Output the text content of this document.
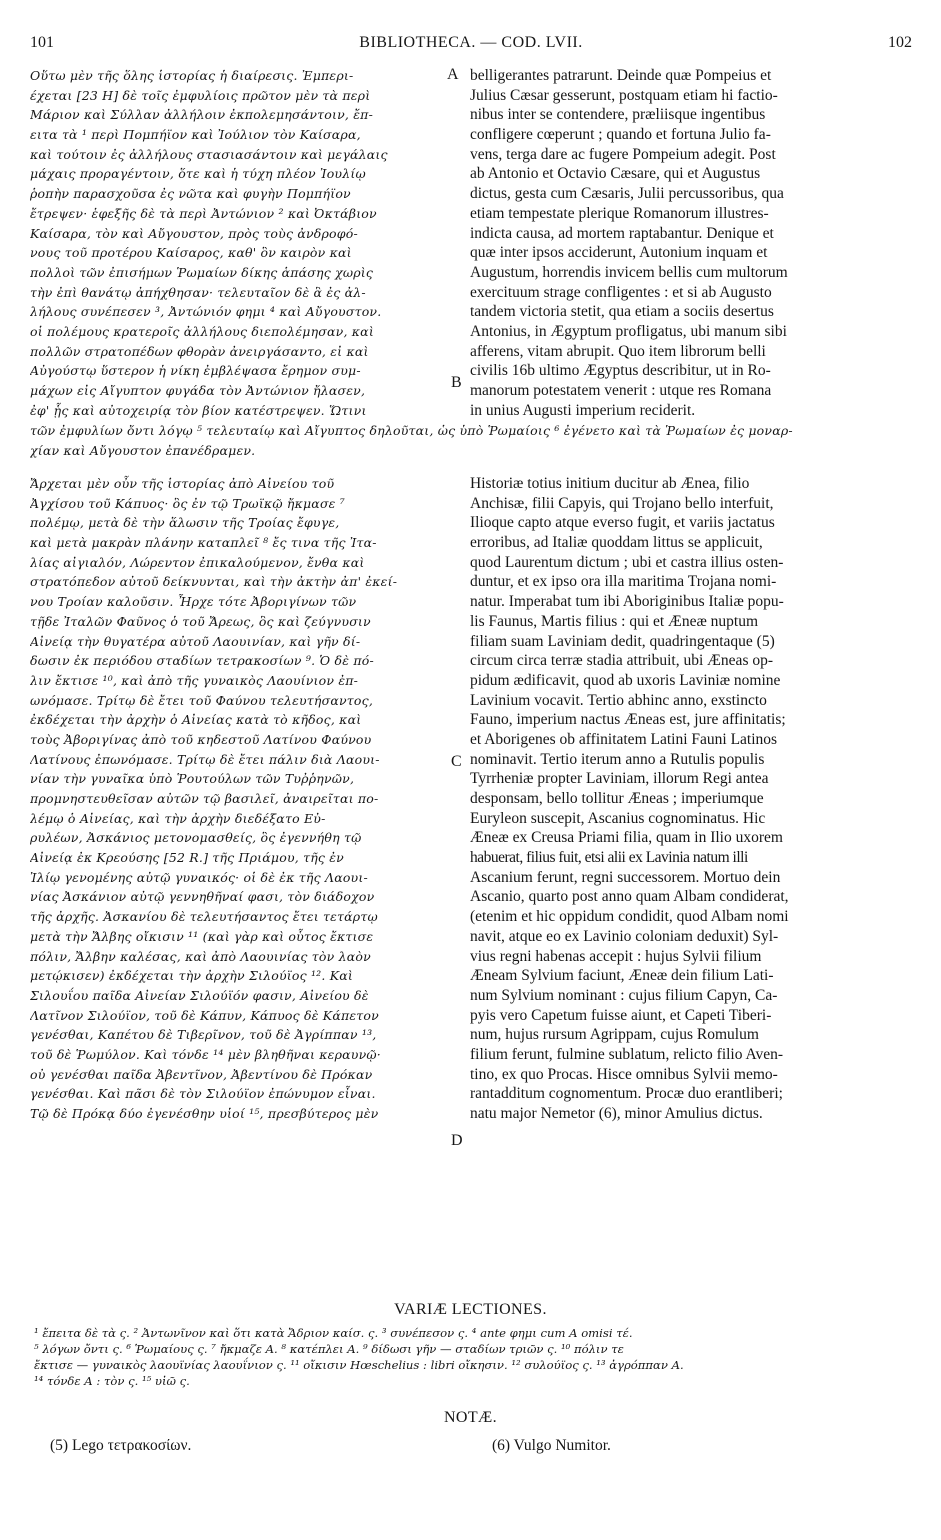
101	BIBLIOTHECA. — COD. LVII.	102
Οὕτω μὲν τῆς ὅλης ἱστορίας ἡ διαίρεσις. Ἐμπερι-
έχεται [23 H] δὲ τοῖς ἐμφυλίοις πρῶτον μὲν τὰ περὶ
Μάριον καὶ Σύλλαν ἀλλήλοιν ἐκπολεμησάντοιν, ἔπ-
ειτα τὰ ¹ περὶ Πομπήϊον καὶ Ἰούλιον τὸν Καίσαρα,
καὶ τούτοιν ἐς ἀλλήλους στασιασάντοιν καὶ μεγάλαις
μάχαις προραγέντοιν, ὅτε καὶ ἡ τύχη πλέον Ἰουλίῳ
ῥοπὴν παρασχοῦσα ἐς νῶτα καὶ φυγὴν Πομπήϊον
ἔτρεψεν· ἑφεξῆς δὲ τὰ περὶ Ἀντώνιον ² καὶ Ὀκτάβιον
Καίσαρα, τὸν καὶ Αὔγουστον, πρὸς τοὺς ἀνδροφό-
νους τοῦ προτέρου Καίσαρος, καθ' ὃν καιρὸν καὶ
πολλοὶ τῶν ἐπισήμων Ῥωμαίων δίκης ἁπάσης χωρὶς
τὴν ἐπὶ θανάτῳ ἀπήχθησαν· τελευταῖον δὲ ἃ ἐς ἀλ-
λήλους συνέπεσεν ³, Ἀντώνιόν φημι ⁴ καὶ Αὔγουστον.
οἱ πολέμους κρατεροῖς ἀλλήλους διεπολέμησαν, καὶ
πολλῶν στρατοπέδων φθορὰν ἀνειργάσαντο, εἰ καὶ
Αὐγούστῳ ὕστερον ἡ νίκη ἐμβλέψασα ἔρημον συμ-
μάχων εἰς Αἴγυπτον φυγάδα τὸν Ἀντώνιον ἤλασεν,
ἐφ' ᾗς καὶ αὐτοχειρίᾳ τὸν βίον κατέστρεψεν. Ὥτινι
belligerantes patrarunt. Deinde quæ Pompeius et
Julius Cæsar gesserunt, postquam etiam hi factio-
nibus inter se contendere, præliisque ingentibus
confligere cœperunt ; quando et fortuna Julio fa-
vens, terga dare ac fugere Pompeium adegit. Post
ab Antonio et Octavio Cæsare, qui et Augustus
dictus, gesta cum Cæsaris, Julii percussoribus, qua
etiam tempestate plerique Romanorum illustres-
indicta causa, ad mortem raptabantur. Denique et
quæ inter ipsos acciderunt, Autonium inquam et
Augustum, horrendis invicem bellis cum multorum
exercituum strage confligentes : et si ab Augusto
tandem victoria stetit, qua etiam a sociis desertus
Antonius, in Ægyptum profligatus, ubi manum sibi
afferens, vitam abrupit. Quo item librorum belli
civilis 16b ultimo Ægyptus describitur, ut in Ro-
manorum potestatem venerit : utque res Romana
in unius Augusti imperium reciderit.
τῶν ἐμφυλίων ὄντι λόγῳ ⁵ τελευταίῳ καὶ Αἴγυπτος δηλοῦται, ὡς ὑπὸ Ῥωμαίοις ⁶ ἐγένετο καὶ τὰ Ῥωμαίων ἐς μοναρ-
χίαν καὶ Αὔγουστον ἐπανέδραμεν.
Ἄρχεται μὲν οὖν τῆς ἱστορίας ἀπὸ Αἰνείου τοῦ
Ἀγχίσου τοῦ Κάπυος· ὃς ἐν τῷ Τρωϊκῷ ἤκμασε ⁷
πολέμῳ, μετὰ δὲ τὴν ἅλωσιν τῆς Τροίας ἔφυγε,
καὶ μετὰ μακρὰν πλάνην καταπλεῖ ⁸ ἔς τινα τῆς Ἰτα-
λίας αἰγιαλόν, Λώρεντον ἐπικαλούμενον, ἔνθα καὶ
στρατόπεδον αὐτοῦ δείκνυνται, καὶ τὴν ἀκτὴν ἀπ' ἐκεί-
νου Τροίαν καλοῦσιν. Ἦρχε τότε Ἀβοριγίνων τῶν
τῇδε Ἰταλῶν Φαῦνος ὁ τοῦ Ἄρεως, ὃς καὶ ζεύγνυσιν
Αἰνείᾳ τὴν θυγατέρα αὐτοῦ Λαουινίαν, καὶ γῆν δί-
δωσιν ἐκ περιόδου σταδίων τετρακοσίων ⁹. Ὁ δὲ πό-
λιν ἔκτισε ¹⁰, καὶ ἀπὸ τῆς γυναικὸς Λαουίνιον ἐπ-
ωνόμασε. Τρίτῳ δὲ ἔτει τοῦ Φαύνου τελευτήσαντος,
ἐκδέχεται τὴν ἀρχὴν ὁ Αἰνείας κατὰ τὸ κῆδος, καὶ
τοὺς Ἀβοριγίνας ἀπὸ τοῦ κηδεστοῦ Λατίνου Φαύνου
Λατίνους ἐπωνόμασε. Τρίτῳ δὲ ἔτει πάλιν διὰ Λαουι-
νίαν τὴν γυναῖκα ὑπὸ Ῥουτούλων τῶν Τυῤῥηνῶν,
προμνηστευθεῖσαν αὐτῶν τῷ βασιλεῖ, ἀναιρεῖται πο-
λέμῳ ὁ Αἰνείας, καὶ τὴν ἀρχὴν διεδέξατο Εὐ-
ρυλέων, Ἀσκάνιος μετονομασθείς, ὃς ἐγεννήθη τῷ
Αἰνείᾳ ἐκ Κρεούσης [52 R.] τῆς Πριάμου, τῆς ἐν
Ἰλίῳ γενομένης αὐτῷ γυναικός· οἱ δὲ ἐκ τῆς Λαουι-
νίας Ἀσκάνιον αὐτῷ γεννηθῆναί φασι, τὸν διάδοχον
τῆς ἀρχῆς. Ἀσκανίου δὲ τελευτήσαντος ἔτει τετάρτῳ
μετὰ τὴν Ἄλβης οἴκισιν ¹¹ (καὶ γὰρ καὶ οὗτος ἔκτισε
πόλιν, Ἄλβην καλέσας, καὶ ἀπὸ Λαουινίας τὸν λαὸν
μετῴκισεν) ἐκδέχεται τὴν ἀρχὴν Σιλούϊος ¹². Καὶ
Σιλουΐου παῖδα Αἰνείαν Σιλούϊόν φασιν, Αἰνείου δὲ
Λατῖνον Σιλούϊον, τοῦ δὲ Κάπυν, Κάπυος δὲ Κάπετον
γενέσθαι, Καπέτου δὲ Τιβερῖνον, τοῦ δὲ Ἀγρίππαν ¹³,
τοῦ δὲ Ῥωμύλον. Καὶ τόνδε ¹⁴ μὲν βληθῆναι κεραυνῷ·
οὐ γενέσθαι παῖδα Ἀβεντῖνον, Ἀβεντίνου δὲ Πρόκαν
γενέσθαι. Καὶ πᾶσι δὲ τὸν Σιλούϊον ἐπώνυμον εἶναι.
Τῷ δὲ Πρόκᾳ δύο ἐγενέσθην υἱοί ¹⁵, πρεσβύτερος μὲν
Historiæ totius initium ducitur ab Ænea, filio
Anchisæ, filii Capyis, qui Trojano bello interfuit,
Ilioque capto atque everso fugit, et variis jactatus
erroribus, ad Italiæ quoddam littus se applicuit,
quod Laurentum dictum ; ubi et castra illius osten-
duntur, et ex ipso ora illa maritima Trojana nomi-
natur. Imperabat tum ibi Aboriginibus Italiæ popu-
lis Faunus, Martis filius : qui et Æneæ nuptum
filiam suam Laviniam dedit, quadringentaque (5)
circum circa terræ stadia attribuit, ubi Æneas op-
pidum ædificavit, quod ab uxoris Laviniæ nomine
Lavinium vocavit. Tertio abhinc anno, exstincto
Fauno, imperium nactus Æneas est, jure affinitatis;
et Aborigenes ob affinitatem Latini Fauni Latinos
nominavit. Tertio iterum anno a Rutulis populis
Tyrrheniæ propter Laviniam, illorum Regi antea
desponsam, bello tollitur Æneas ; imperiumque
Euryleon suscepit, Ascanius cognominatus. Hic
Æneæ ex Creusa Priami filia, quam in Ilio uxorem
habuerat, filius fuit, etsi alii ex Lavinia natum illi
Ascanium ferunt, regni successorem. Mortuo dein
Ascanio, quarto post anno quam Albam condiderat,
(etenim et hic oppidum condidit, quod Albam nomi
navit, atque eo ex Lavinio coloniam deduxit) Syl-
vius regni habenas accepit : hujus Sylvii filium
Æneam Sylvium faciunt, Æneæ dein filium Lati-
num Sylvium nominant : cujus filium Capyn, Ca-
pyis vero Capetum fuisse aiunt, et Capeti Tiberi-
num, hujus rursum Agrippam, cujus Romulum
filium ferunt, fulmine sublatum, relicto filio Aven-
tino, ex quo Procas. Hisce omnibus Sylvii memo-
rantadditum cognomentum. Procæ duo erantliberi;
natu major Nemetor (6), minor Amulius dictus.
A
B
C
D
VARIÆ LECTIONES.
¹ ἔπειτα δὲ τὰ ς. ² Ἀντωνῖνον καὶ ὅτι κατὰ Ἄδριον καίσ. ς. ³ συνέπεσον ς. ⁴ ante φημι cum A omisi τέ.
⁵ λόγων ὄντι ς. ⁶ Ῥωμαίους ς. ⁷ ἤκμαζε A. ⁸ κατέπλει A. ⁹ δίδωσι γῆν — σταδίων τριῶν ς. ¹⁰ πόλιν τε
ἔκτισε — γυναικὸς λαουϊνίας λαουΐνιον ς. ¹¹ οἴκισιν Hœschelius : libri οἴκησιν. ¹² συλούϊος ς. ¹³ ἀγρόππαν A.
¹⁴ τόνδε A : τὸν ς. ¹⁵ υἱῶ ς.
NOTÆ.
(5) Lego τετρακοσίων.	(6) Vulgo Numitor.
